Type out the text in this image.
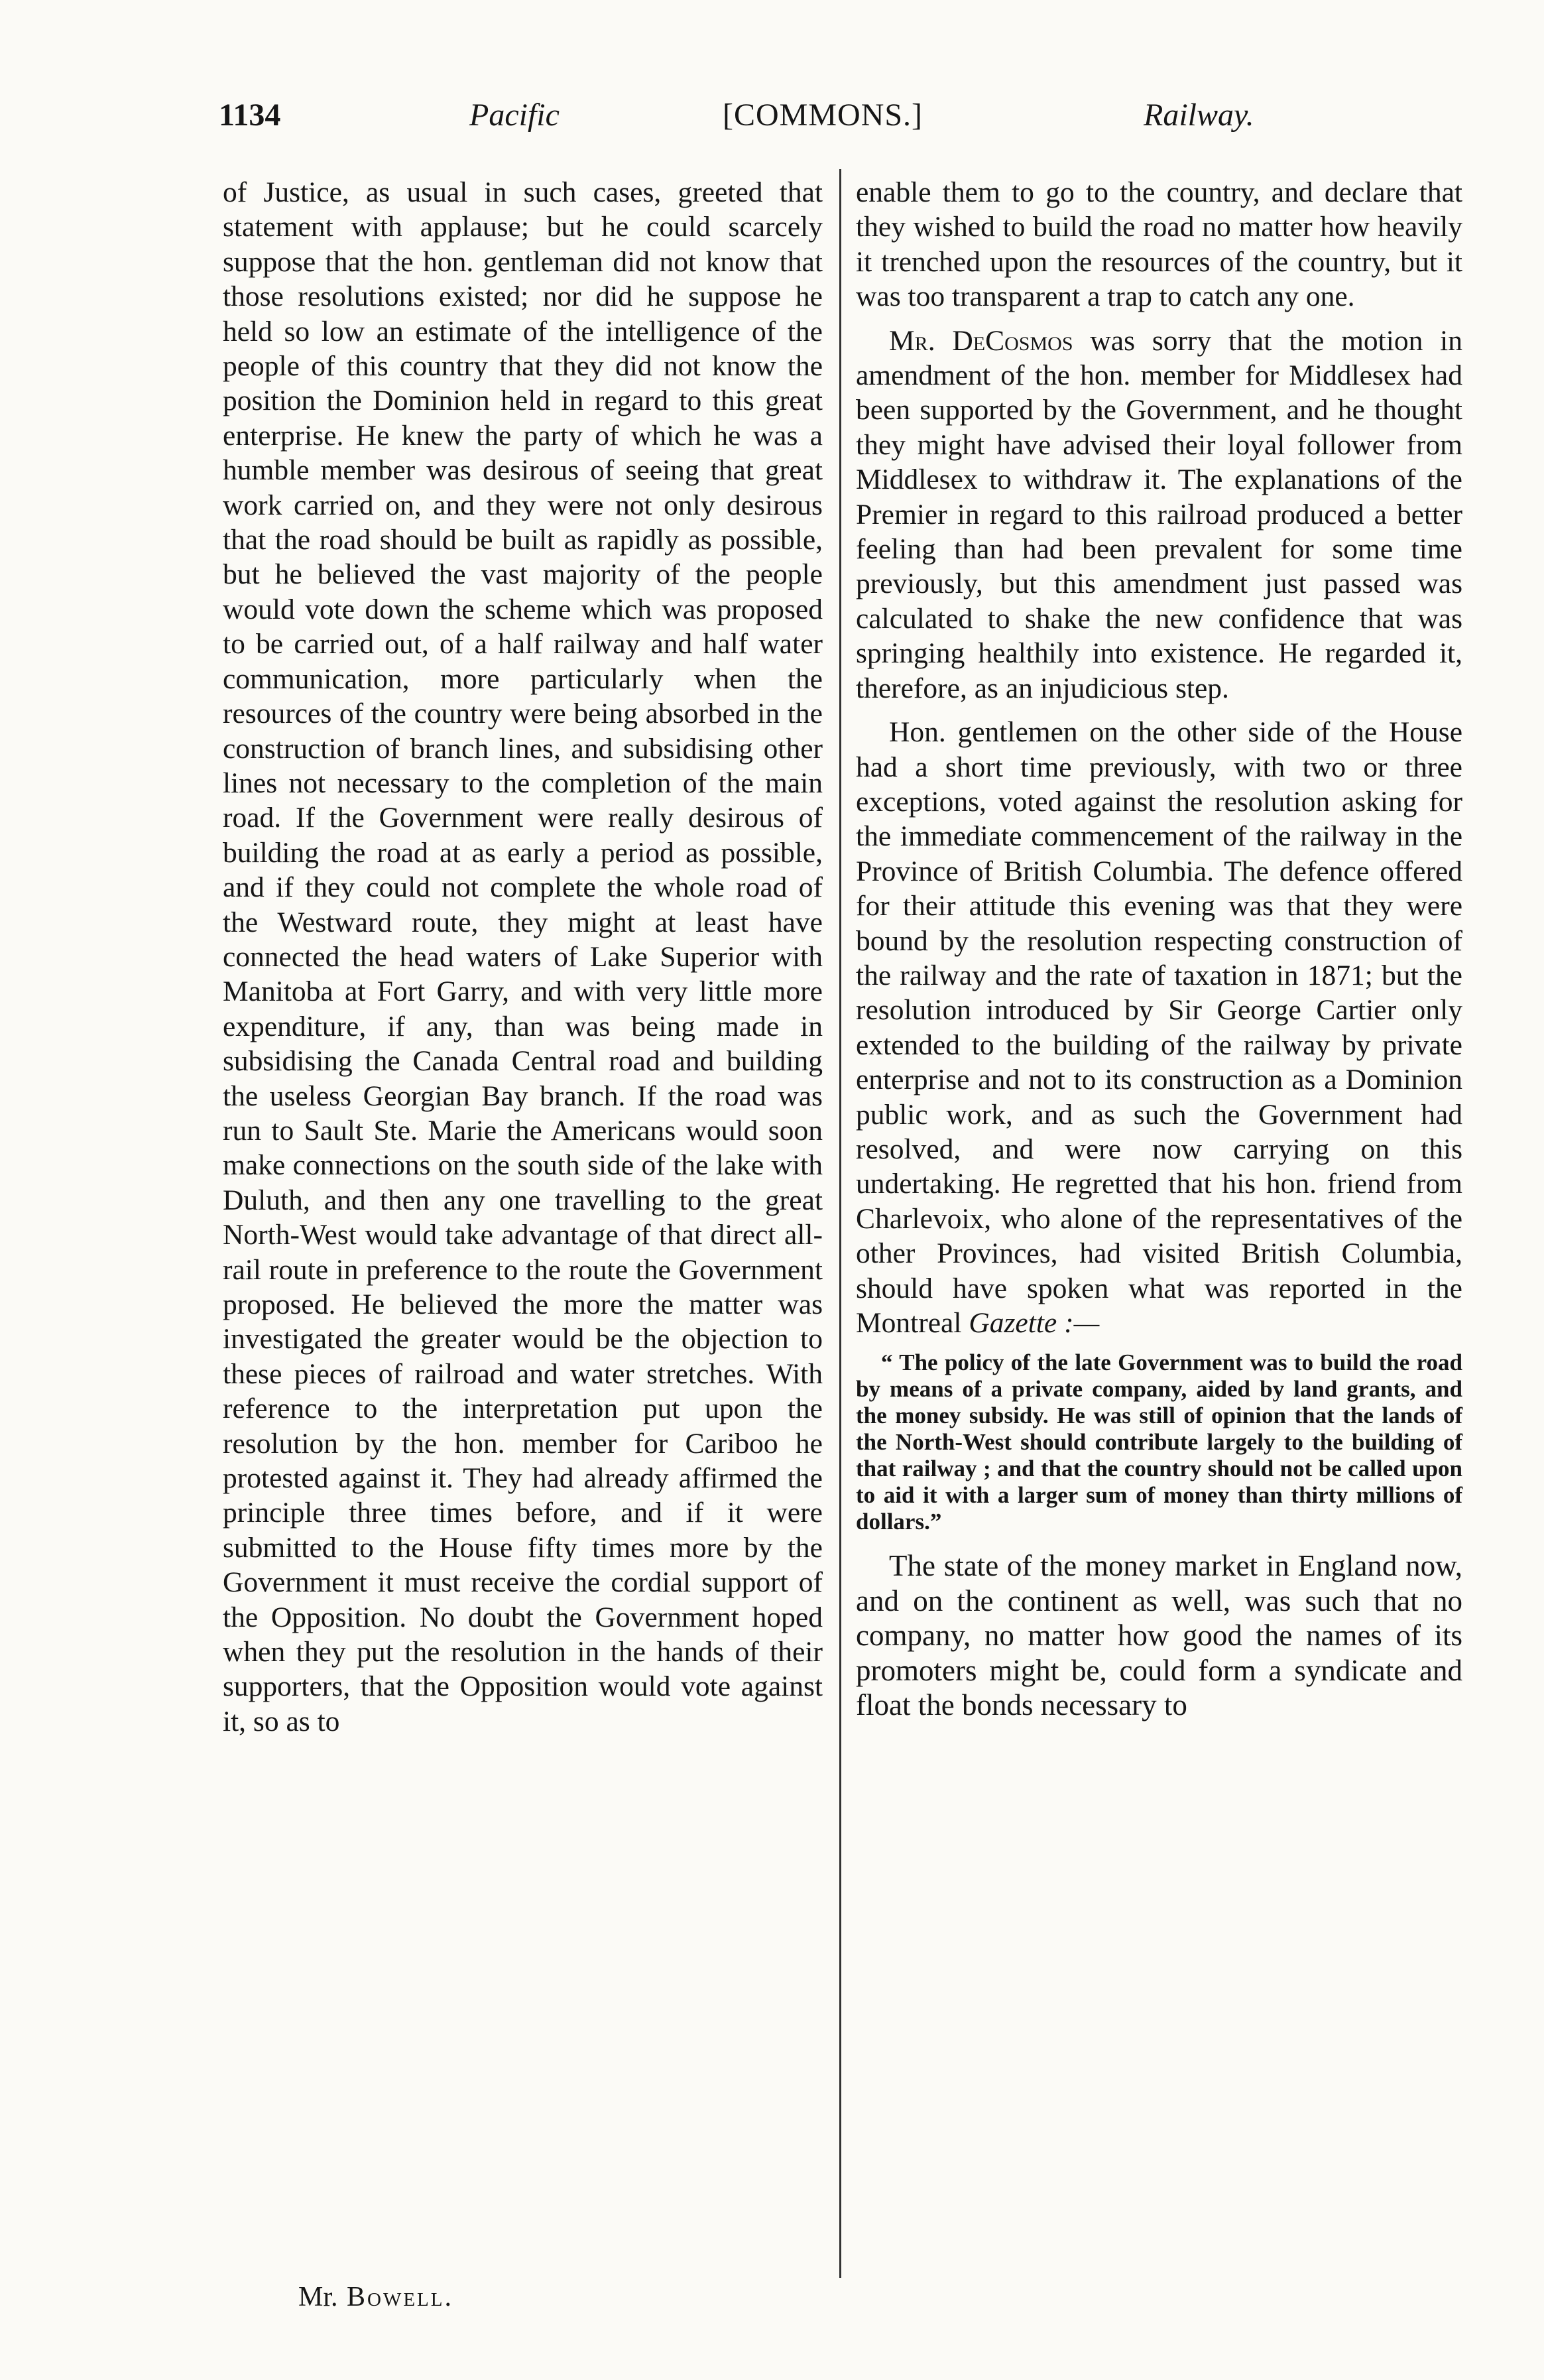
1134	Pacific	[COMMONS.]	Railway.

of Justice, as usual in such cases, greeted that statement with applause; but he could scarcely suppose that the hon. gentleman did not know that those resolutions existed; nor did he suppose he held so low an estimate of the intelligence of the people of this country that they did not know the position the Dominion held in regard to this great enterprise. He knew the party of which he was a humble member was desirous of seeing that great work carried on, and they were not only desirous that the road should be built as rapidly as possible, but he believed the vast majority of the people would vote down the scheme which was proposed to be carried out, of a half railway and half water communication, more particularly when the resources of the country were being absorbed in the construction of branch lines, and subsidising other lines not necessary to the completion of the main road. If the Government were really desirous of building the road at as early a period as possible, and if they could not complete the whole road of the Westward route, they might at least have connected the head waters of Lake Superior with Manitoba at Fort Garry, and with very little more expenditure, if any, than was being made in subsidising the Canada Central road and building the useless Georgian Bay branch. If the road was run to Sault Ste. Marie the Americans would soon make connections on the south side of the lake with Duluth, and then any one travelling to the great North-West would take advantage of that direct all-rail route in preference to the route the Government proposed. He believed the more the matter was investigated the greater would be the objection to these pieces of railroad and water stretches. With reference to the interpretation put upon the resolution by the hon. member for Cariboo he protested against it. They had already affirmed the principle three times before, and if it were submitted to the House fifty times more by the Government it must receive the cordial support of the Opposition. No doubt the Government hoped when they put the resolution in the hands of their supporters, that the Opposition would vote against it, so as to

enable them to go to the country, and declare that they wished to build the road no matter how heavily it trenched upon the resources of the country, but it was too transparent a trap to catch any one.

Mr. DeCosmos was sorry that the motion in amendment of the hon. member for Middlesex had been supported by the Government, and he thought they might have advised their loyal follower from Middlesex to withdraw it. The explanations of the Premier in regard to this railroad produced a better feeling than had been prevalent for some time previously, but this amendment just passed was calculated to shake the new confidence that was springing healthily into existence. He regarded it, therefore, as an injudicious step.

Hon. gentlemen on the other side of the House had a short time previously, with two or three exceptions, voted against the resolution asking for the immediate commencement of the railway in the Province of British Columbia. The defence offered for their attitude this evening was that they were bound by the resolution respecting construction of the railway and the rate of taxation in 1871; but the resolution introduced by Sir George Cartier only extended to the building of the railway by private enterprise and not to its construction as a Dominion public work, and as such the Government had resolved, and were now carrying on this undertaking. He regretted that his hon. friend from Charlevoix, who alone of the representatives of the other Provinces, had visited British Columbia, should have spoken what was reported in the Montreal Gazette :—

“ The policy of the late Government was to build the road by means of a private company, aided by land grants, and the money subsidy. He was still of opinion that the lands of the North-West should contribute largely to the building of that railway ; and that the country should not be called upon to aid it with a larger sum of money than thirty millions of dollars.”

The state of the money market in England now, and on the continent as well, was such that no company, no matter how good the names of its promoters might be, could form a syndicate and float the bonds necessary to

Mr. Bowell.
